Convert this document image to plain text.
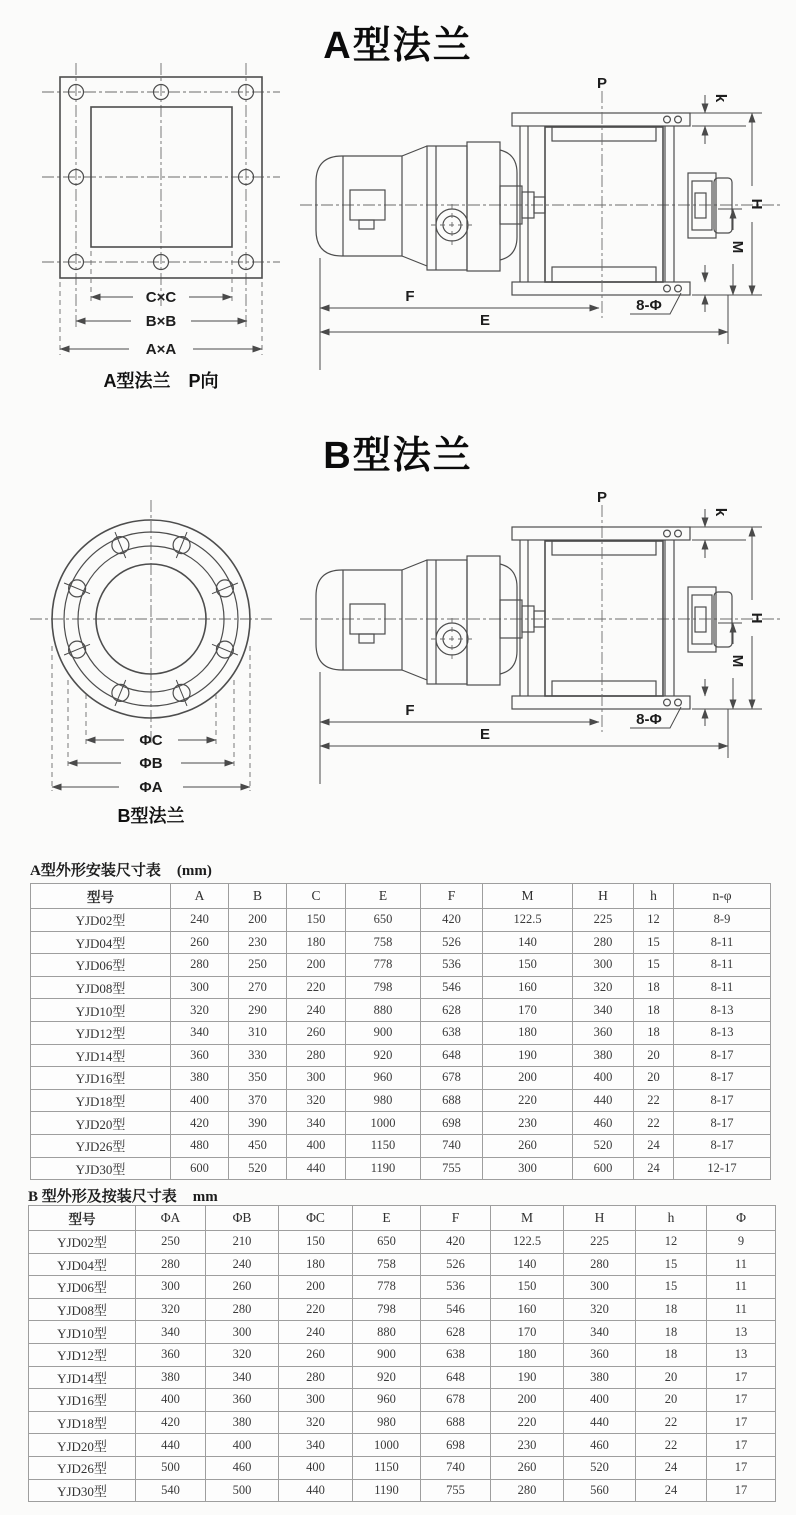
A型法兰
C×C
B×B
A×A
A型法兰　P向
P
k
H
M
F
E
8-Φ
B型法兰
ΦC
ΦB
ΦA
B型法兰
P
k
H
M
F
E
8-Φ
A型外形安装尺寸表 (mm)
型号	A	B	C	E	F	M	H	h	n-φ
YJD02型	240	200	150	650	420	122.5	225	12	8-9
YJD04型	260	230	180	758	526	140	280	15	8-11
YJD06型	280	250	200	778	536	150	300	15	8-11
YJD08型	300	270	220	798	546	160	320	18	8-11
YJD10型	320	290	240	880	628	170	340	18	8-13
YJD12型	340	310	260	900	638	180	360	18	8-13
YJD14型	360	330	280	920	648	190	380	20	8-17
YJD16型	380	350	300	960	678	200	400	20	8-17
YJD18型	400	370	320	980	688	220	440	22	8-17
YJD20型	420	390	340	1000	698	230	460	22	8-17
YJD26型	480	450	400	1150	740	260	520	24	8-17
YJD30型	600	520	440	1190	755	300	600	24	12-17
B 型外形及按装尺寸表 mm
型号	ΦA	ΦB	ΦC	E	F	M	H	h	Φ
YJD02型	250	210	150	650	420	122.5	225	12	9
YJD04型	280	240	180	758	526	140	280	15	11
YJD06型	300	260	200	778	536	150	300	15	11
YJD08型	320	280	220	798	546	160	320	18	11
YJD10型	340	300	240	880	628	170	340	18	13
YJD12型	360	320	260	900	638	180	360	18	13
YJD14型	380	340	280	920	648	190	380	20	17
YJD16型	400	360	300	960	678	200	400	20	17
YJD18型	420	380	320	980	688	220	440	22	17
YJD20型	440	400	340	1000	698	230	460	22	17
YJD26型	500	460	400	1150	740	260	520	24	17
YJD30型	540	500	440	1190	755	280	560	24	17
